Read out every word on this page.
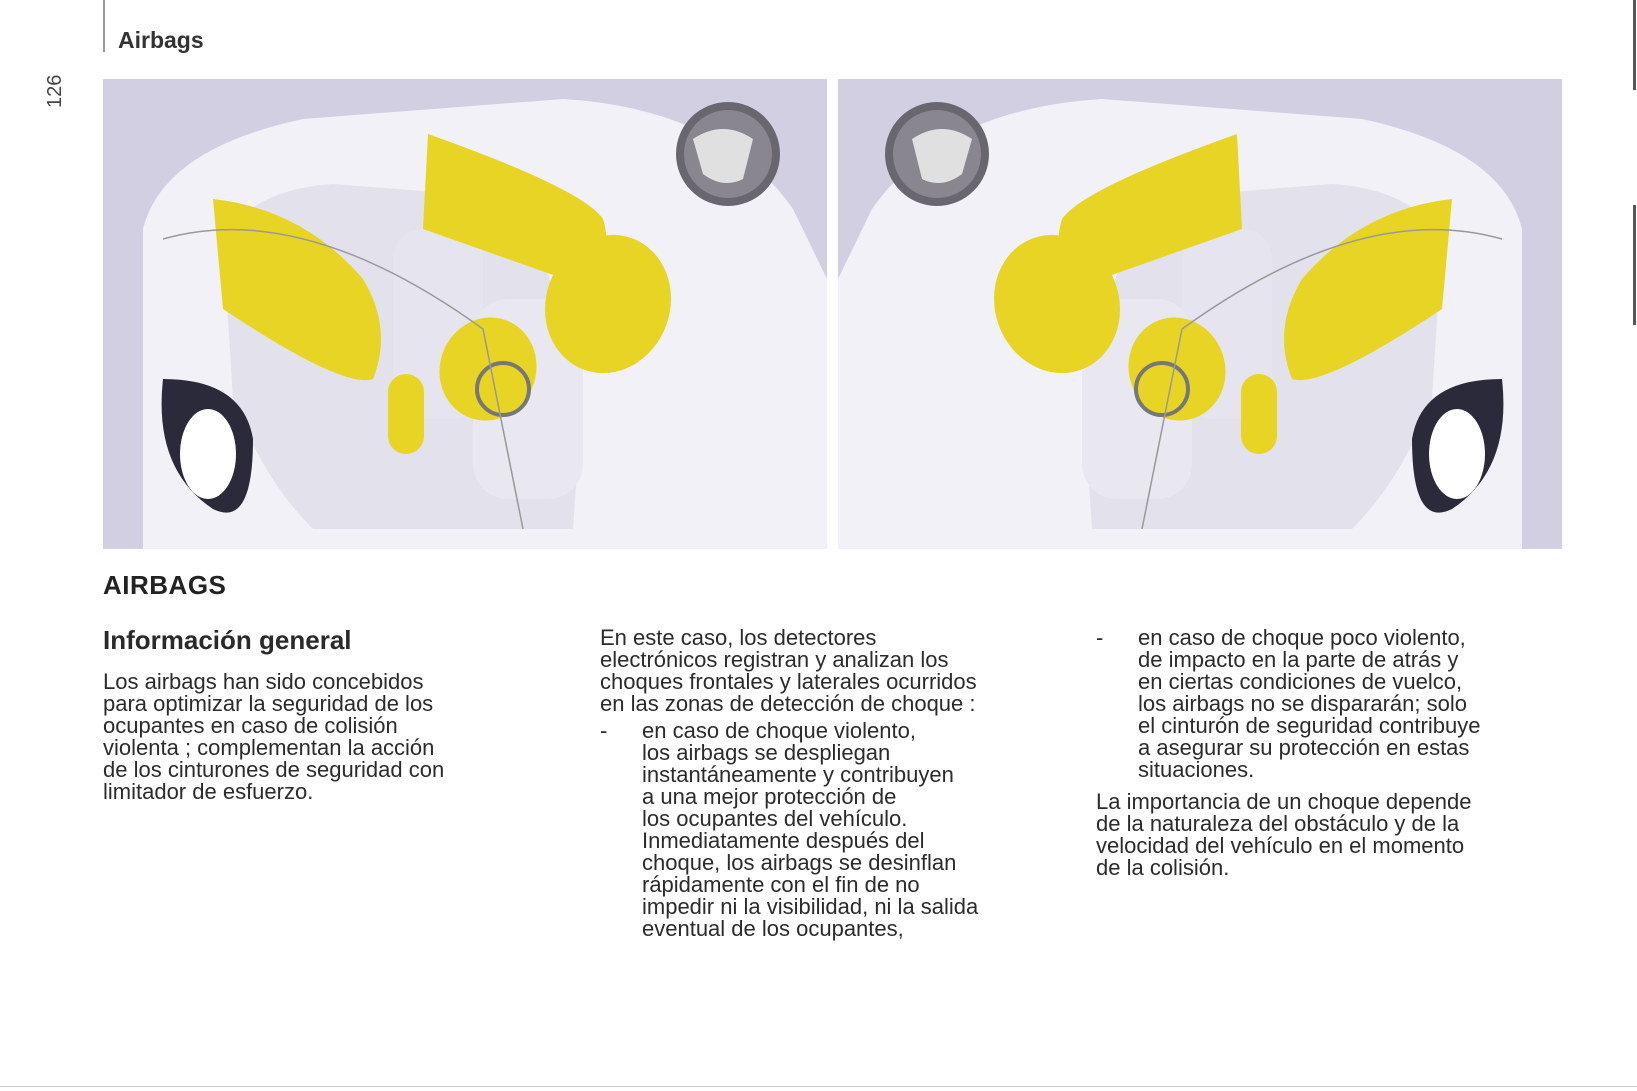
Airbags
126
AIRBAGS
Información general

Los airbags han sido concebidos
para optimizar la seguridad de los
ocupantes en caso de colisión
violenta ; complementan la acción
de los cinturones de seguridad con
limitador de esfuerzo.

En este caso, los detectores
electrónicos registran y analizan los
choques frontales y laterales ocurridos
en las zonas de detección de choque :

- en caso de choque violento,
los airbags se despliegan
instantáneamente y contribuyen
a una mejor protección de
los ocupantes del vehículo.
Inmediatamente después del
choque, los airbags se desinflan
rápidamente con el fin de no
impedir ni la visibilidad, ni la salida
eventual de los ocupantes,
- en caso de choque poco violento,
de impacto en la parte de atrás y
en ciertas condiciones de vuelco,
los airbags no se dispararán; solo
el cinturón de seguridad contribuye
a asegurar su protección en estas
situaciones.

La importancia de un choque depende
de la naturaleza del obstáculo y de la
velocidad del vehículo en el momento
de la colisión.
